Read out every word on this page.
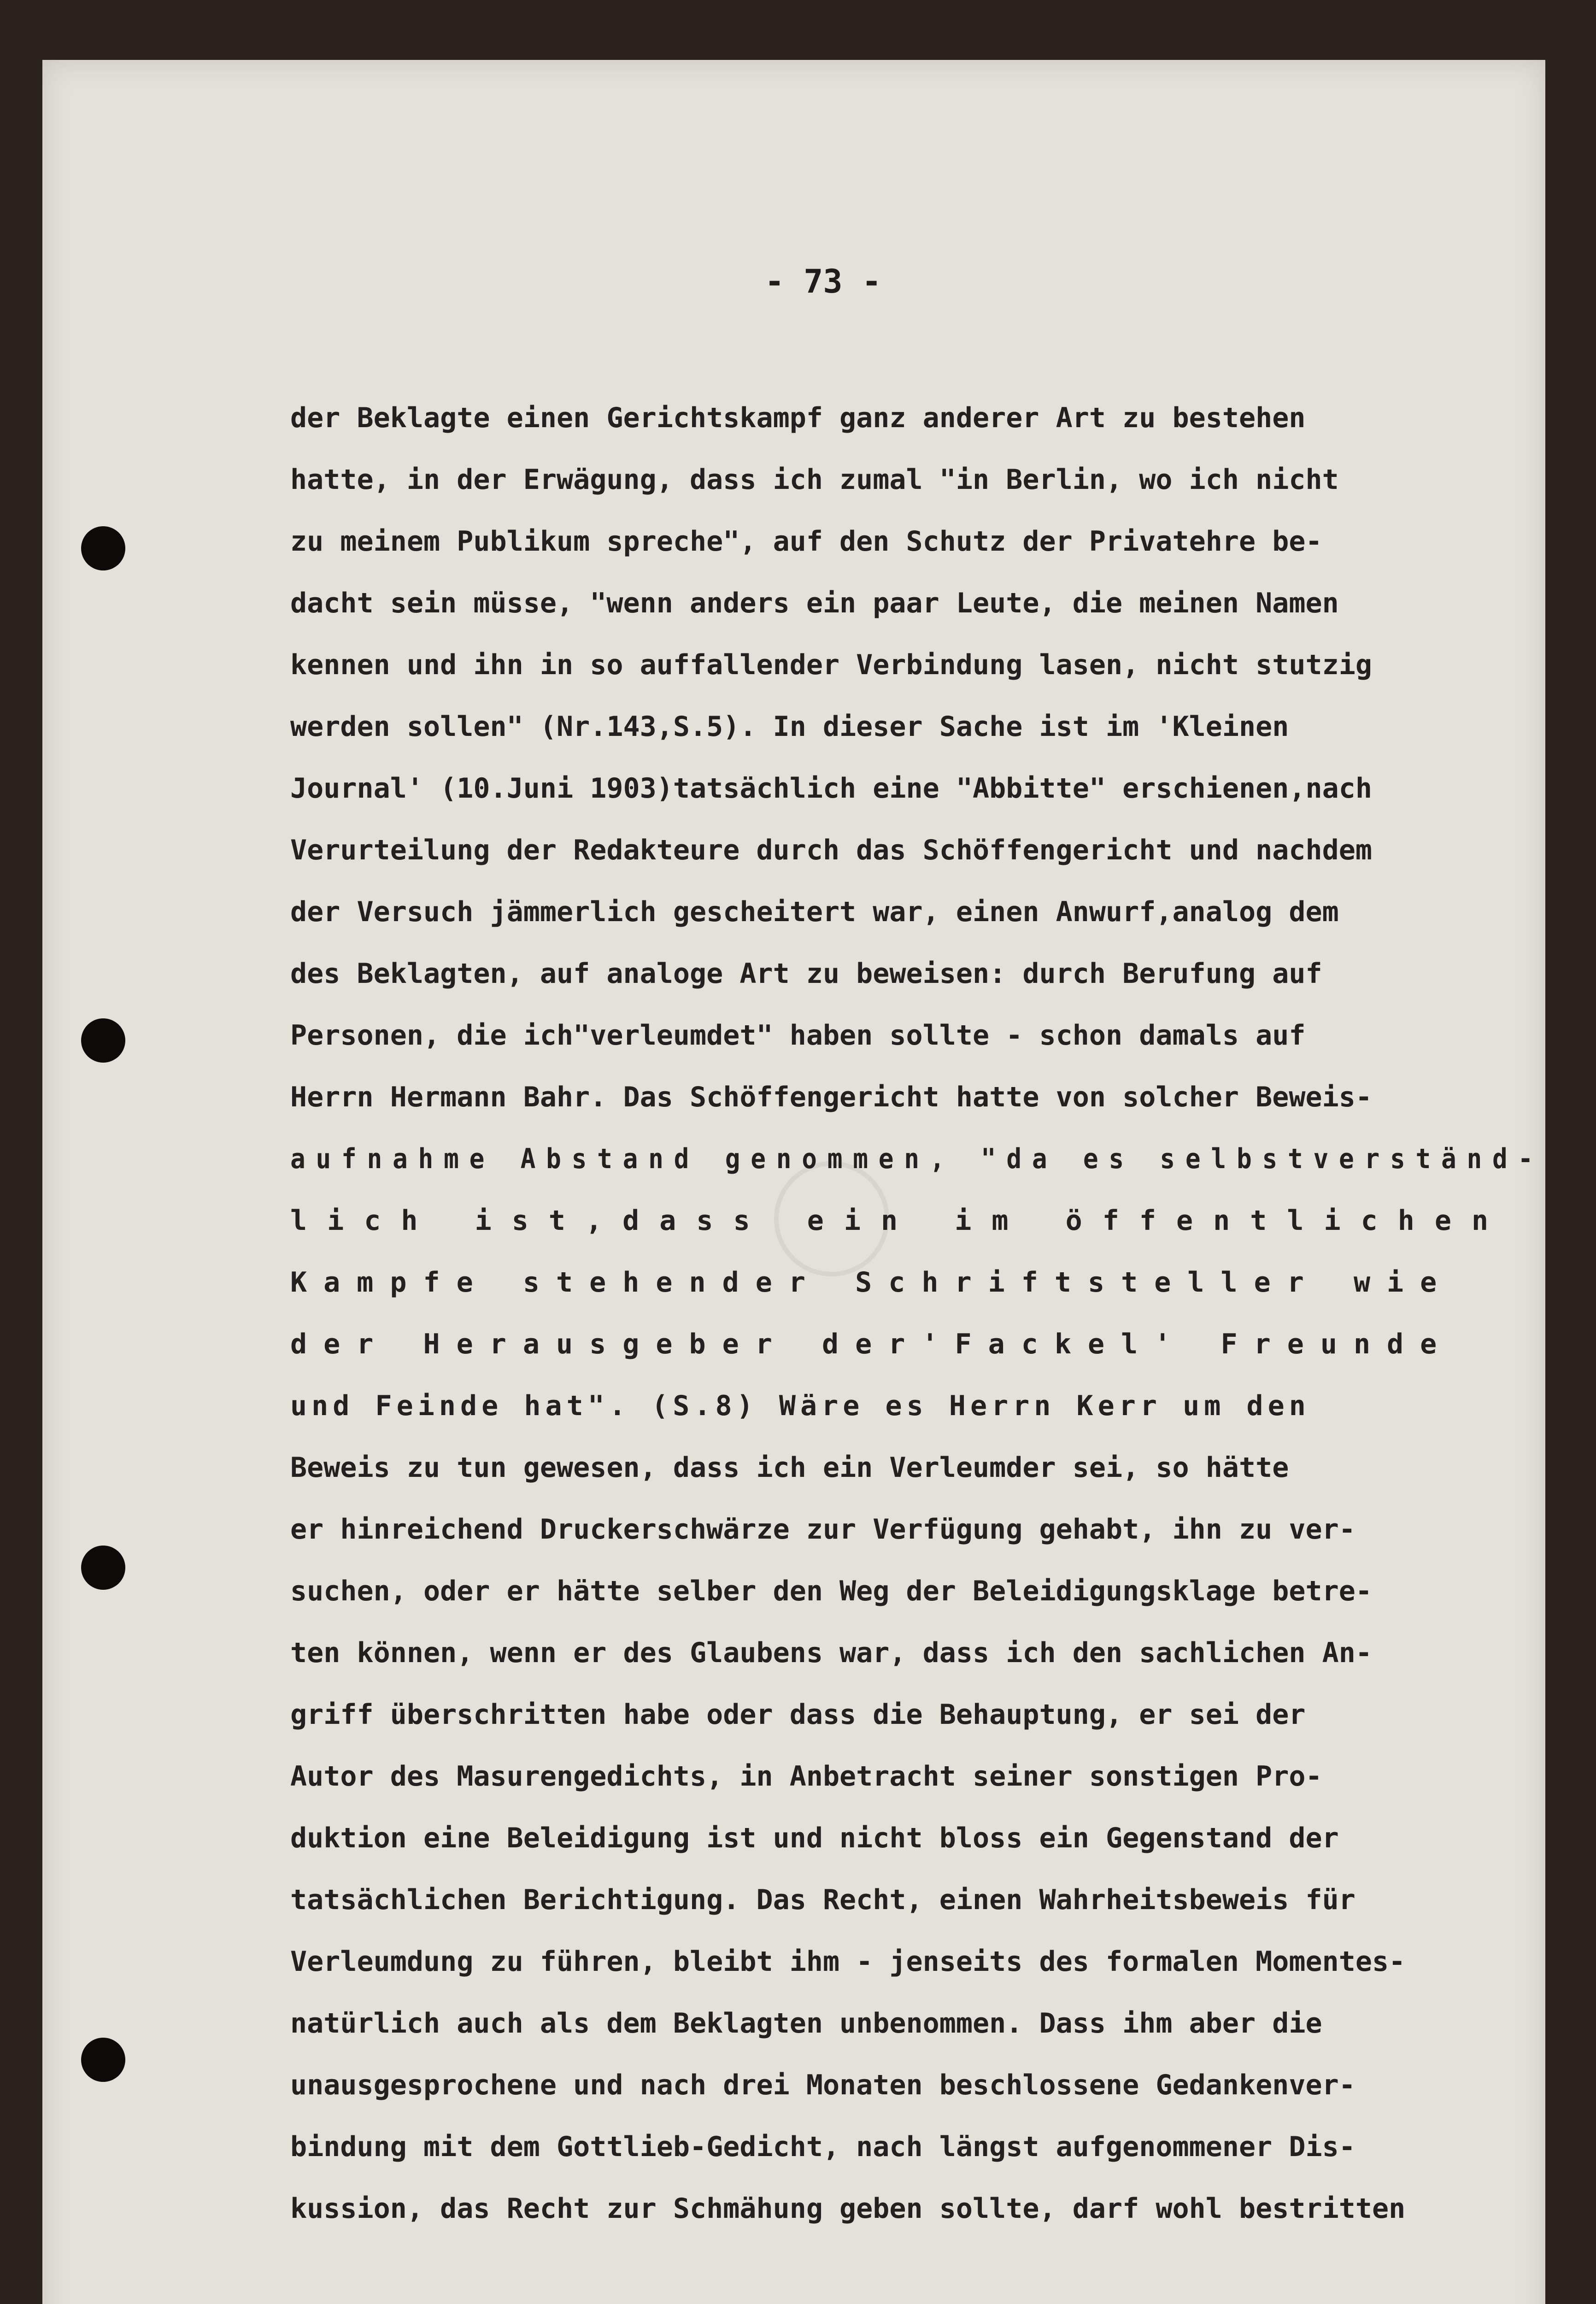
- 73 -
der Beklagte einen Gerichtskampf ganz anderer Art zu bestehen
hatte, in der Erwägung, dass ich zumal "in Berlin, wo ich nicht
zu meinem Publikum spreche", auf den Schutz der Privatehre be-
dacht sein müsse, "wenn anders ein paar Leute, die meinen Namen
kennen und ihn in so auffallender Verbindung lasen, nicht stutzig
werden sollen" (Nr.143,S.5). In dieser Sache ist im 'Kleinen
Journal' (10.Juni 1903)tatsächlich eine "Abbitte" erschienen,nach
Verurteilung der Redakteure durch das Schöffengericht und nachdem
der Versuch jämmerlich gescheitert war, einen Anwurf,analog dem
des Beklagten, auf analoge Art zu beweisen: durch Berufung auf
Personen, die ich"verleumdet" haben sollte - schon damals auf
Herrn Hermann Bahr. Das Schöffengericht hatte von solcher Beweis-
aufnahme Abstand genommen, "da es selbstverständ-
lich ist,dass ein im öffentlichen
Kampfe stehender Schriftsteller wie
der Herausgeber der'Fackel' Freunde
und Feinde hat". (S.8) Wäre es Herrn Kerr um den
Beweis zu tun gewesen, dass ich ein Verleumder sei, so hätte
er hinreichend Druckerschwärze zur Verfügung gehabt, ihn zu ver-
suchen, oder er hätte selber den Weg der Beleidigungsklage betre-
ten können, wenn er des Glaubens war, dass ich den sachlichen An-
griff überschritten habe oder dass die Behauptung, er sei der
Autor des Masurengedichts, in Anbetracht seiner sonstigen Pro-
duktion eine Beleidigung ist und nicht bloss ein Gegenstand der
tatsächlichen Berichtigung. Das Recht, einen Wahrheitsbeweis für
Verleumdung zu führen, bleibt ihm - jenseits des formalen Momentes-
natürlich auch als dem Beklagten unbenommen. Dass ihm aber die
unausgesprochene und nach drei Monaten beschlossene Gedankenver-
bindung mit dem Gottlieb-Gedicht, nach längst aufgenommener Dis-
kussion, das Recht zur Schmähung geben sollte, darf wohl bestritten
